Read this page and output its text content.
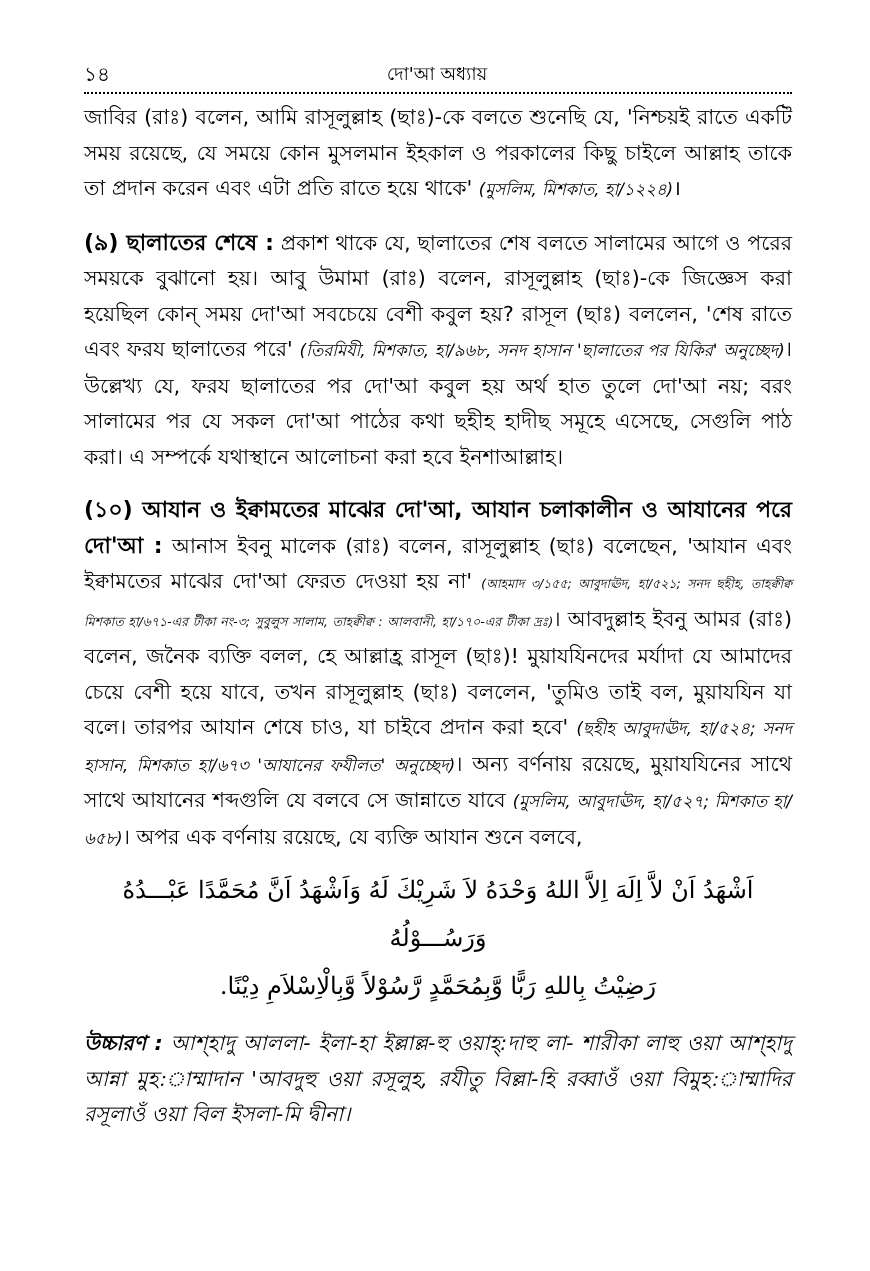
১৪	দো'আ অধ্যায়

জাবির (রাঃ) বলেন, আমি রাসূলুল্লাহ (ছাঃ)-কে বলতে শুনেছি যে, 'নিশ্চয়ই রাতে একটি সময় রয়েছে, যে সময়ে কোন মুসলমান ইহকাল ও পরকালের কিছু চাইলে আল্লাহ তাকে তা প্রদান করেন এবং এটা প্রতি রাতে হয়ে থাকে' (মুসলিম, মিশকাত, হা/১২২৪)।

(৯) ছালাতের শেষে : প্রকাশ থাকে যে, ছালাতের শেষ বলতে সালামের আগে ও পরের সময়কে বুঝানো হয়। আবু উমামা (রাঃ) বলেন, রাসূলুল্লাহ (ছাঃ)-কে জিজ্ঞেস করা হয়েছিল কোন্ সময় দো'আ সবচেয়ে বেশী কবুল হয়? রাসূল (ছাঃ) বললেন, 'শেষ রাতে এবং ফরয ছালাতের পরে' (তিরমিযী, মিশকাত, হা/৯৬৮, সনদ হাসান 'ছালাতের পর যিকির' অনুচ্ছেদ)। উল্লেখ্য যে, ফরয ছালাতের পর দো'আ কবুল হয় অর্থ হাত তুলে দো'আ নয়; বরং সালামের পর যে সকল দো'আ পাঠের কথা ছহীহ হাদীছ সমূহে এসেছে, সেগুলি পাঠ করা। এ সম্পর্কে যথাস্থানে আলোচনা করা হবে ইনশাআল্লাহ।

(১০) আযান ও ইক্বামতের মাঝের দো'আ, আযান চলাকালীন ও আযানের পরে দো'আ : আনাস ইবনু মালেক (রাঃ) বলেন, রাসূলুল্লাহ (ছাঃ) বলেছেন, 'আযান এবং ইক্বামতের মাঝের দো'আ ফেরত দেওয়া হয় না' (আহমাদ ৩/১৫৫; আবুদাঊদ, হা/৫২১; সনদ ছহীহ, তাহক্বীক্ব মিশকাত হা/৬৭১-এর টীকা নং-৩; সুবুলুস সালাম, তাহক্বীক্ব : আলবানী, হা/১৭০-এর টীকা দ্রঃ)। আবদুল্লাহ ইবনু আমর (রাঃ) বলেন, জনৈক ব্যক্তি বলল, হে আল্লাহ্র রাসূল (ছাঃ)! মুয়াযযিনদের মর্যাদা যে আমাদের চেয়ে বেশী হয়ে যাবে, তখন রাসূলুল্লাহ (ছাঃ) বললেন, 'তুমিও তাই বল, মুয়াযযিন যা বলে। তারপর আযান শেষে চাও, যা চাইবে প্রদান করা হবে' (ছহীহ আবুদাঊদ, হা/৫২৪; সনদ হাসান, মিশকাত হা/৬৭৩ 'আযানের ফযীলত' অনুচ্ছেদ)। অন্য বর্ণনায় রয়েছে, মুয়াযযিনের সাথে সাথে আযানের শব্দগুলি যে বলবে সে জান্নাতে যাবে (মুসলিম, আবুদাঊদ, হা/৫২৭; মিশকাত হা/৬৫৮)। অপর এক বর্ণনায় রয়েছে, যে ব্যক্তি আযান শুনে বলবে,

اَشْهَدُ اَنْ لاَّ اِلَهَ اِلاَّ اللهُ وَحْدَهُ لاَ شَرِيْكَ لَهُ وَاَشْهَدُ اَنَّ مُحَمَّدًا عَبْـــدُهُ وَرَسُـــوْلُهُ
رَضِيْتُ بِاللهِ رَبًّا وَّبِمُحَمَّدٍ رَّسُوْلاً وَّبِالْاِسْلاَمِ دِيْنًا.

উচ্চারণ : আশ্‌হাদু আললা- ইলা-হা ইল্লাল্ল-হু ওয়াহ্‌:দাহু লা- শারীকা লাহু ওয়া আশ্‌হাদু আন্না মুহ:াম্মাদান 'আবদুহু ওয়া রসূলুহ, রযীতু বিল্লা-হি রব্বাওঁ ওয়া বিমুহ:াম্মাদির রসূলাওঁ ওয়া বিল ইসলা-মি দ্বীনা।
